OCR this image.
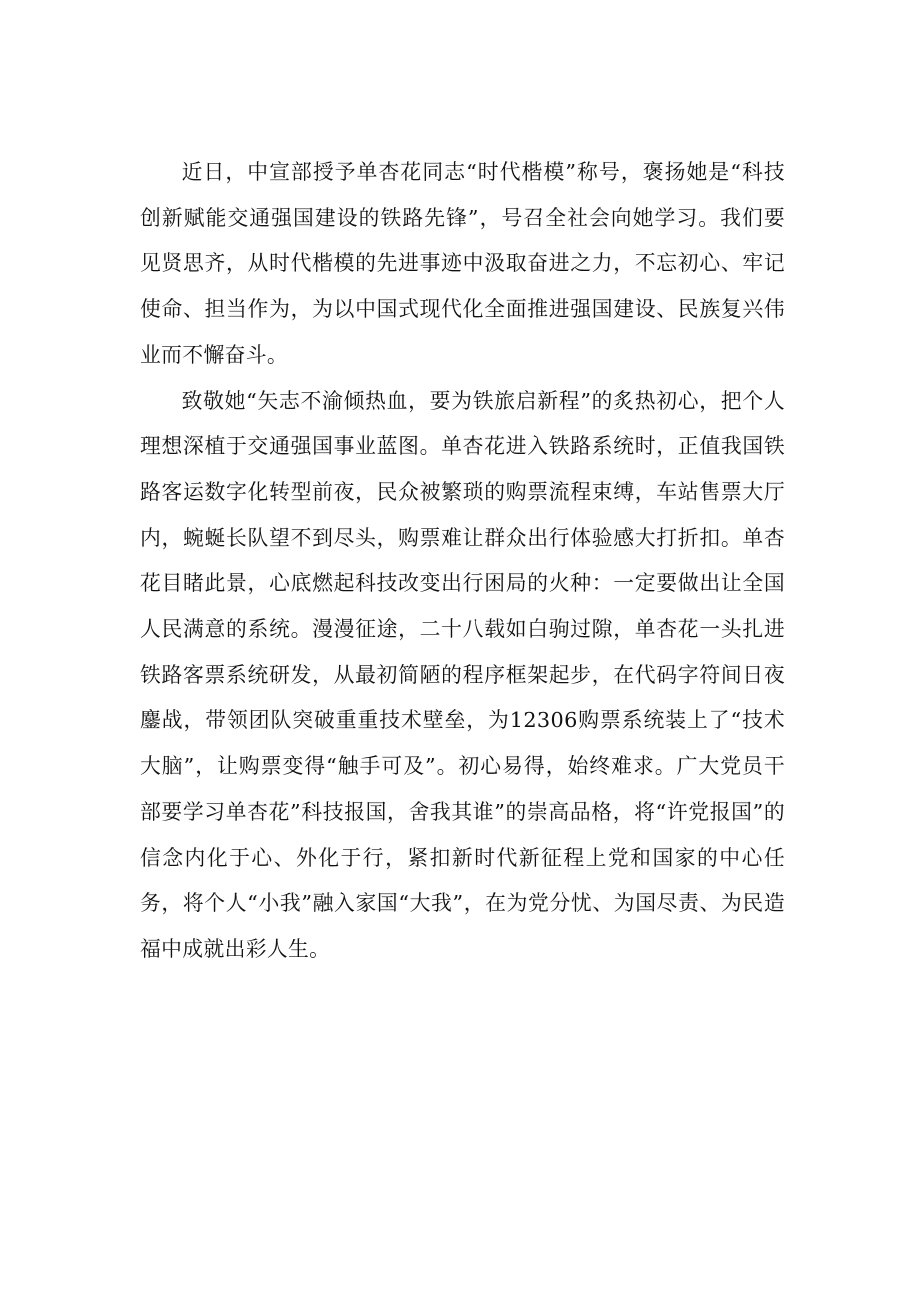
近日，中宣部授予单杏花同志“时代楷模”称号，褒扬她是“科技创新赋能交通强国建设的铁路先锋”，号召全社会向她学习。我们要见贤思齐，从时代楷模的先进事迹中汲取奋进之力，不忘初心、牢记使命、担当作为，为以中国式现代化全面推进强国建设、民族复兴伟业而不懈奋斗。

致敬她“矢志不渝倾热血，要为铁旅启新程”的炙热初心，把个人理想深植于交通强国事业蓝图。单杏花进入铁路系统时，正值我国铁路客运数字化转型前夜，民众被繁琐的购票流程束缚，车站售票大厅内，蜿蜒长队望不到尽头，购票难让群众出行体验感大打折扣。单杏花目睹此景，心底燃起科技改变出行困局的火种：一定要做出让全国人民满意的系统。漫漫征途，二十八载如白驹过隙，单杏花一头扎进铁路客票系统研发，从最初简陋的程序框架起步，在代码字符间日夜鏖战，带领团队突破重重技术壁垒，为12306购票系统装上了“技术大脑”，让购票变得“触手可及”。初心易得，始终难求。广大党员干部要学习单杏花”科技报国，舍我其谁”的崇高品格，将“许党报国”的信念内化于心、外化于行，紧扣新时代新征程上党和国家的中心任务，将个人“小我”融入家国“大我”，在为党分忧、为国尽责、为民造福中成就出彩人生。
